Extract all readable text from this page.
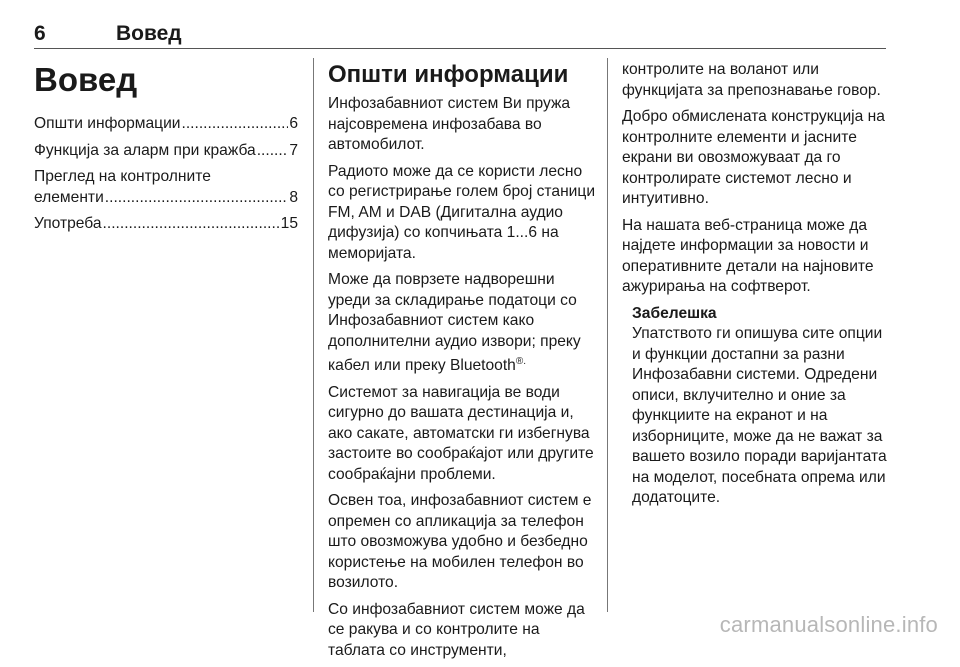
6	Вовед
Вовед
Општи информации .....	6
Функција за аларм при кражба ..... 7
Преглед на контролните
елементи .....	8
Употреба .....	15
Општи информации

Инфозабавниот систем Ви пружа најсовремена инфозабава во автомобилот.

Радиото може да се користи лесно со регистрирање голем број станици FM, AM и DAB (Дигитална аудио дифузија) со копчињата 1...6 на меморијата.

Може да поврзете надворешни уреди за складирање податоци со Инфозабавниот систем како дополнителни аудио извори; преку кабел или преку Bluetooth®.

Системот за навигација ве води сигурно до вашата дестинација и, ако сакате, автоматски ги избегнува застоите во сообраќајот или другите сообраќајни проблеми.

Освен тоа, инфозабавниот систем е опремен со апликација за телефон што овозможува удобно и безбедно користење на мобилен телефон во возилото.

Со инфозабавниот систем може да се ракува и со контролите на таблата со инструменти,

контролите на воланот или функцијата за препознавање говор.

Добро обмислената конструкција на контролните елементи и јасните екрани ви овозможуваат да го контролирате системот лесно и интуитивно.

На нашата веб-страница може да најдете информации за новости и оперативните детали на најновите ажурирања на софтверот.

Забелешка

Упатството ги опишува сите опции и функции достапни за разни Инфозабавни системи. Одредени описи, вклучително и оние за функциите на екранот и на изборниците, може да не важат за вашето возило поради варијантата на моделот, посебната опрема или додатоците.

carmanualsonline.info
